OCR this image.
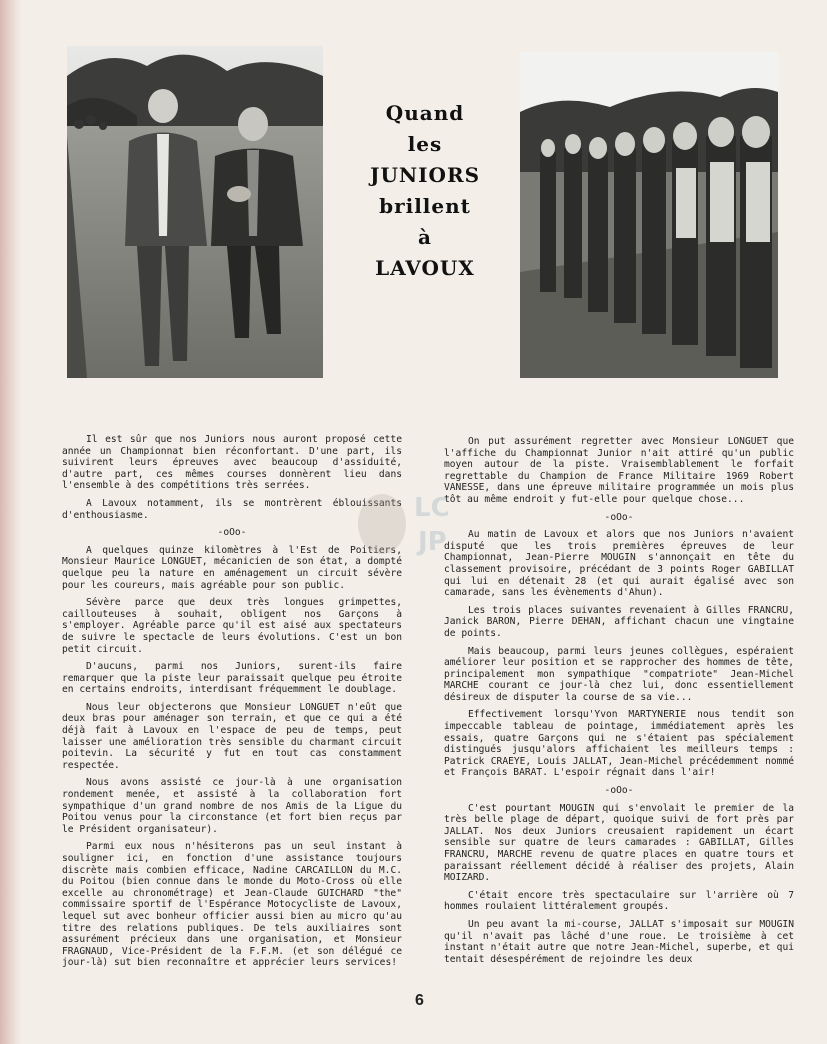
Quand
les
JUNIORS
brillent
à
LAVOUX

Il est sûr que nos Juniors nous auront proposé cette année un Championnat bien réconfortant. D'une part, ils suivirent leurs épreuves avec beaucoup d'assiduité, d'autre part, ces mêmes courses donnèrent lieu dans l'ensemble à des compétitions très serrées.

A Lavoux notamment, ils se montrèrent éblouissants d'enthousiasme.

-oOo-

A quelques quinze kilomètres à l'Est de Poitiers, Monsieur Maurice LONGUET, mécanicien de son état, a dompté quelque peu la nature en aménagement un circuit sévère pour les coureurs, mais agréable pour son public.

Sévère parce que deux très longues grimpettes, caillouteuses à souhait, obligent nos Garçons à s'employer. Agréable parce qu'il est aisé aux spectateurs de suivre le spectacle de leurs évolutions. C'est un bon petit circuit.

D'aucuns, parmi nos Juniors, surent-ils faire remarquer que la piste leur paraissait quelque peu étroite en certains endroits, interdisant fréquemment le doublage.

Nous leur objecterons que Monsieur LONGUET n'eût que deux bras pour aménager son terrain, et que ce qui a été déjà fait à Lavoux en l'espace de peu de temps, peut laisser une amélioration très sensible du charmant circuit poitevin. La sécurité y fut en tout cas constamment respectée.

Nous avons assisté ce jour-là à une organisation rondement menée, et assisté à la collaboration fort sympathique d'un grand nombre de nos Amis de la Ligue du Poitou venus pour la circonstance (et fort bien reçus par le Président organisateur).

Parmi eux nous n'hésiterons pas un seul instant à souligner ici, en fonction d'une assistance toujours discrète mais combien efficace, Nadine CARCAILLON du M.C. du Poitou (bien connue dans le monde du Moto-Cross où elle excelle au chronométrage) et Jean-Claude GUICHARD "the" commissaire sportif de l'Espérance Motocycliste de Lavoux, lequel sut avec bonheur officier aussi bien au micro qu'au titre des relations publiques. De tels auxiliaires sont assurément précieux dans une organisation, et Monsieur FRAGNAUD, Vice-Président de la F.F.M. (et son délégué ce jour-là) sut bien reconnaître et apprécier leurs services!

On put assurément regretter avec Monsieur LONGUET que l'affiche du Championnat Junior n'ait attiré qu'un public moyen autour de la piste. Vraisemblablement le forfait regrettable du Champion de France Militaire 1969 Robert VANESSE, dans une épreuve militaire programmée un mois plus tôt au même endroit y fut-elle pour quelque chose...

-oOo-

Au matin de Lavoux et alors que nos Juniors n'avaient disputé que les trois premières épreuves de leur Championnat, Jean-Pierre MOUGIN s'annonçait en tête du classement provisoire, précédant de 3 points Roger GABILLAT qui lui en détenait 28 (et qui aurait égalisé avec son camarade, sans les évènements d'Ahun).

Les trois places suivantes revenaient à Gilles FRANCRU, Janick BARON, Pierre DEHAN, affichant chacun une vingtaine de points.

Mais beaucoup, parmi leurs jeunes collègues, espéraient améliorer leur position et se rapprocher des hommes de tête, principalement mon sympathique "compatriote" Jean-Michel MARCHE courant ce jour-là chez lui, donc essentiellement désireux de disputer la course de sa vie...

Effectivement lorsqu'Yvon MARTYNERIE nous tendit son impeccable tableau de pointage, immédiatement après les essais, quatre Garçons qui ne s'étaient pas spécialement distingués jusqu'alors affichaient les meilleurs temps : Patrick CRAEYE, Louis JALLAT, Jean-Michel précédemment nommé et François BARAT. L'espoir régnait dans l'air!

-oOo-

C'est pourtant MOUGIN qui s'envolait le premier de la très belle plage de départ, quoique suivi de fort près par JALLAT. Nos deux Juniors creusaient rapidement un écart sensible sur quatre de leurs camarades : GABILLAT, Gilles FRANCRU, MARCHE revenu de quatre places en quatre tours et paraissant réellement décidé à réaliser des projets, Alain MOIZARD.

C'était encore très spectaculaire sur l'arrière où 7 hommes roulaient littéralement groupés.

Un peu avant la mi-course, JALLAT s'imposait sur MOUGIN qu'il n'avait pas lâché d'une roue. Le troisième à cet instant n'était autre que notre Jean-Michel, superbe, et qui tentait désespérément de rejoindre les deux

LC
JP
6
